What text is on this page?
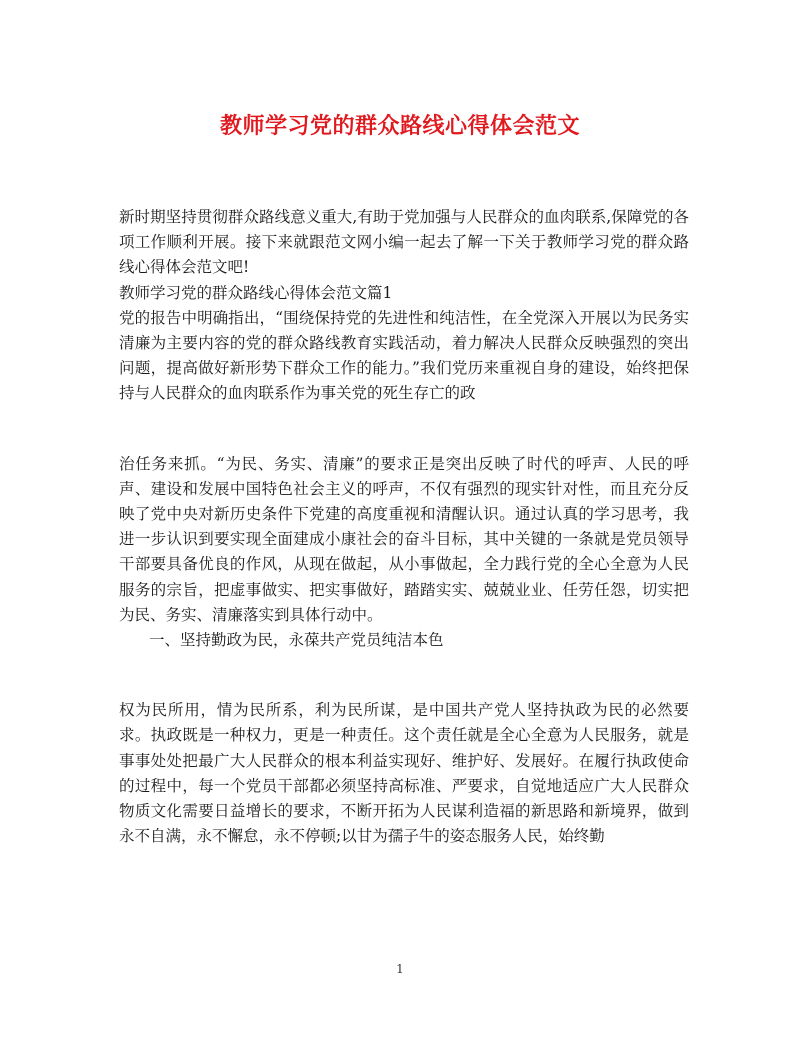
教师学习党的群众路线心得体会范文

新时期坚持贯彻群众路线意义重大,有助于党加强与人民群众的血肉联系,保障党的各项工作顺利开展。接下来就跟范文网小编一起去了解一下关于教师学习党的群众路线心得体会范文吧!

教师学习党的群众路线心得体会范文篇1

党的报告中明确指出，“围绕保持党的先进性和纯洁性，在全党深入开展以为民务实清廉为主要内容的党的群众路线教育实践活动，着力解决人民群众反映强烈的突出问题，提高做好新形势下群众工作的能力。”我们党历来重视自身的建设，始终把保持与人民群众的血肉联系作为事关党的死生存亡的政

治任务来抓。“为民、务实、清廉”的要求正是突出反映了时代的呼声、人民的呼声、建设和发展中国特色社会主义的呼声，不仅有强烈的现实针对性，而且充分反映了党中央对新历史条件下党建的高度重视和清醒认识。通过认真的学习思考，我进一步认识到要实现全面建成小康社会的奋斗目标，其中关键的一条就是党员领导干部要具备优良的作风，从现在做起，从小事做起，全力践行党的全心全意为人民服务的宗旨，把虚事做实、把实事做好，踏踏实实、兢兢业业、任劳任怨，切实把为民、务实、清廉落实到具体行动中。

一、坚持勤政为民，永葆共产党员纯洁本色

权为民所用，情为民所系，利为民所谋，是中国共产党人坚持执政为民的必然要求。执政既是一种权力，更是一种责任。这个责任就是全心全意为人民服务，就是事事处处把最广大人民群众的根本利益实现好、维护好、发展好。在履行执政使命的过程中，每一个党员干部都必须坚持高标准、严要求，自觉地适应广大人民群众物质文化需要日益增长的要求，不断开拓为人民谋利造福的新思路和新境界，做到永不自满，永不懈怠，永不停顿;以甘为孺子牛的姿态服务人民，始终勤

1
